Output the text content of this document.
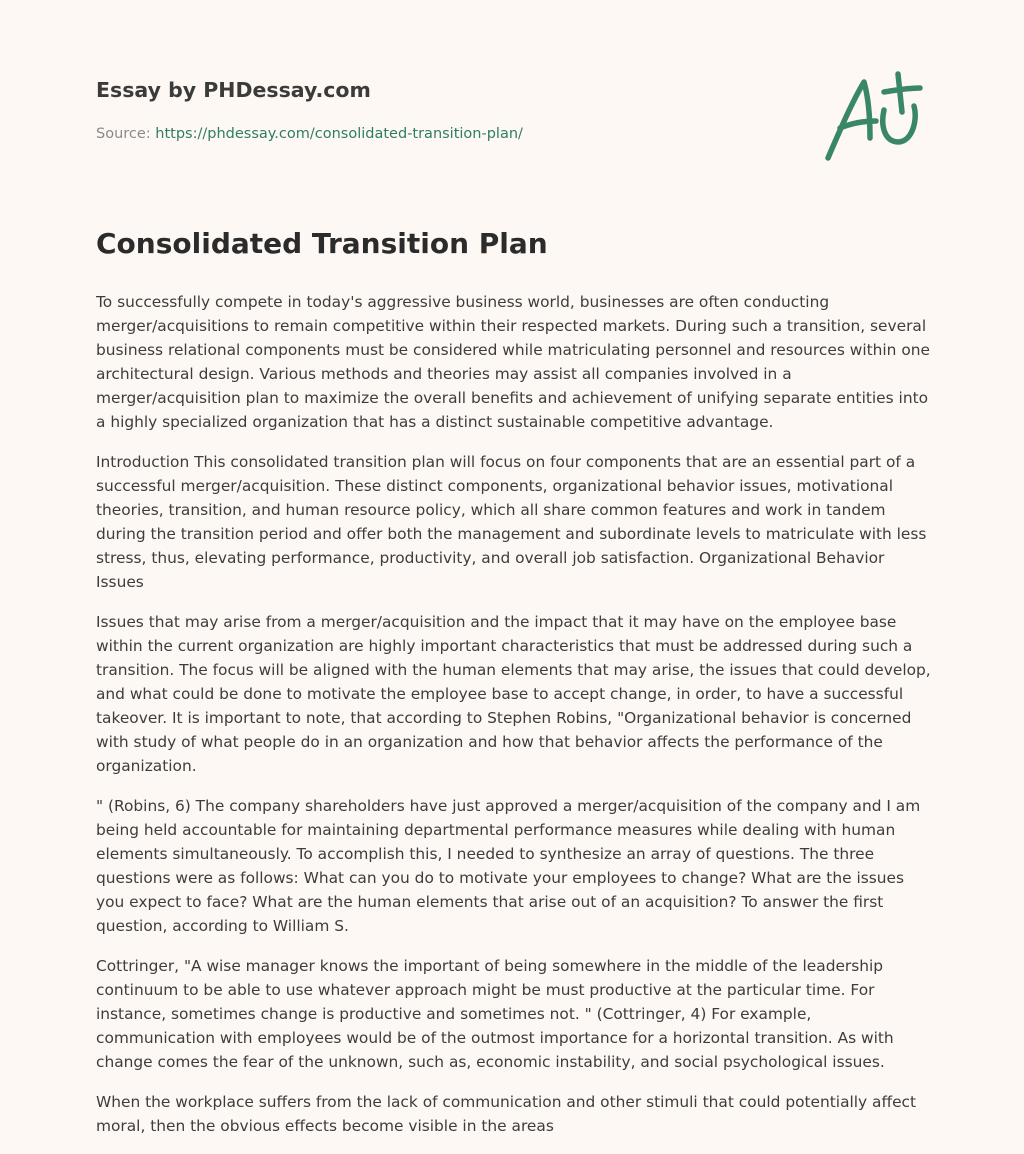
Essay by PHDessay.com
Source: https://phdessay.com/consolidated-transition-plan/
Consolidated Transition Plan

To successfully compete in today's aggressive business world, businesses are often conducting merger/acquisitions to remain competitive within their respected markets. During such a transition, several business relational components must be considered while matriculating personnel and resources within one architectural design. Various methods and theories may assist all companies involved in a merger/acquisition plan to maximize the overall benefits and achievement of unifying separate entities into a highly specialized organization that has a distinct sustainable competitive advantage.

Introduction This consolidated transition plan will focus on four components that are an essential part of a successful merger/acquisition. These distinct components, organizational behavior issues, motivational theories, transition, and human resource policy, which all share common features and work in tandem during the transition period and offer both the management and subordinate levels to matriculate with less stress, thus, elevating performance, productivity, and overall job satisfaction. Organizational Behavior Issues

Issues that may arise from a merger/acquisition and the impact that it may have on the employee base within the current organization are highly important characteristics that must be addressed during such a transition. The focus will be aligned with the human elements that may arise, the issues that could develop, and what could be done to motivate the employee base to accept change, in order, to have a successful takeover. It is important to note, that according to Stephen Robins, "Organizational behavior is concerned with study of what people do in an organization and how that behavior affects the performance of the organization.

" (Robins, 6) The company shareholders have just approved a merger/acquisition of the company and I am being held accountable for maintaining departmental performance measures while dealing with human elements simultaneously. To accomplish this, I needed to synthesize an array of questions. The three questions were as follows: What can you do to motivate your employees to change? What are the issues you expect to face? What are the human elements that arise out of an acquisition? To answer the first question, according to William S.

Cottringer, "A wise manager knows the important of being somewhere in the middle of the leadership continuum to be able to use whatever approach might be must productive at the particular time. For instance, sometimes change is productive and sometimes not. " (Cottringer, 4) For example, communication with employees would be of the outmost importance for a horizontal transition. As with change comes the fear of the unknown, such as, economic instability, and social psychological issues.

When the workplace suffers from the lack of communication and other stimuli that could potentially affect moral, then the obvious effects become visible in the areas
